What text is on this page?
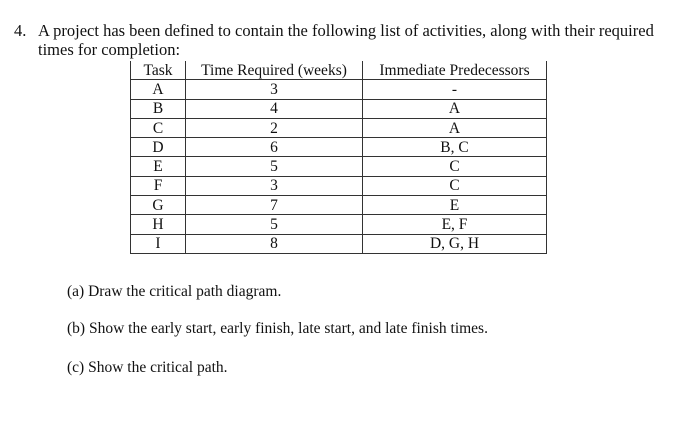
4. A project has been defined to contain the following list of activities, along with their required
times for completion:
Task	Time Required (weeks)	Immediate Predecessors
A	3	-
B	4	A
C	2	A
D	6	B, C
E	5	C
F	3	C
G	7	E
H	5	E, F
I	8	D, G, H
(a) Draw the critical path diagram.
(b) Show the early start, early finish, late start, and late finish times.
(c) Show the critical path.
